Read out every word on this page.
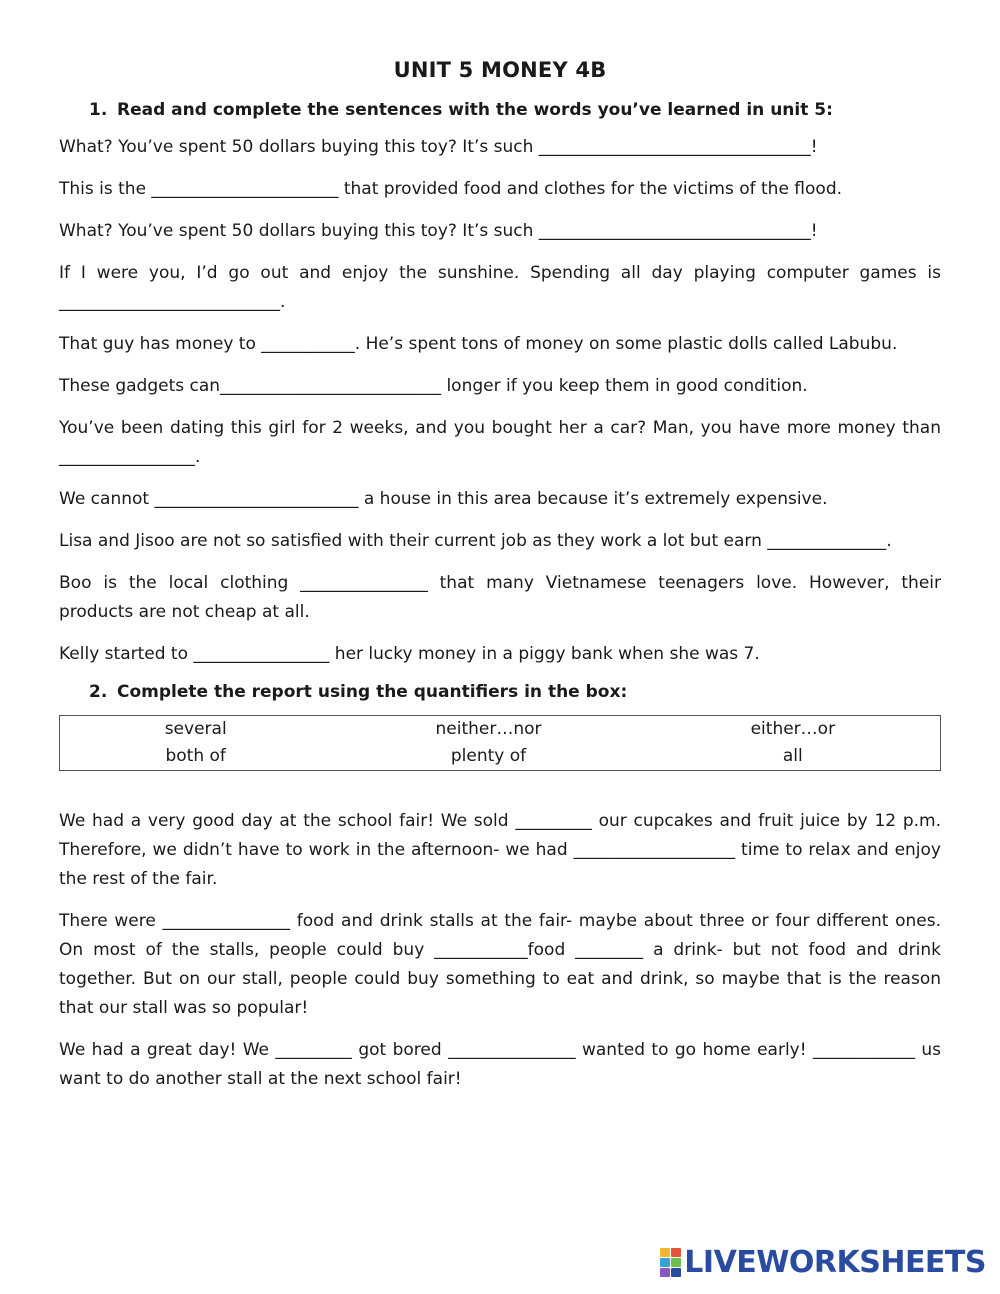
UNIT 5 MONEY 4B
1. Read and complete the sentences with the words you’ve learned in unit 5:

What? You’ve spent 50 dollars buying this toy? It’s such ________________________________!

This is the ______________________ that provided food and clothes for the victims of the flood.

What? You’ve spent 50 dollars buying this toy? It’s such ________________________________!

If I were you, I’d go out and enjoy the sunshine. Spending all day playing computer games is __________________________.

That guy has money to ___________. He’s spent tons of money on some plastic dolls called Labubu.

These gadgets can__________________________ longer if you keep them in good condition.

You’ve been dating this girl for 2 weeks, and you bought her a car? Man, you have more money than ________________.

We cannot ________________________ a house in this area because it’s extremely expensive.

Lisa and Jisoo are not so satisfied with their current job as they work a lot but earn ______________.

Boo is the local clothing _______________ that many Vietnamese teenagers love. However, their products are not cheap at all.

Kelly started to ________________ her lucky money in a piggy bank when she was 7.

2. Complete the report using the quantifiers in the box:
several	neither…nor	either…or
both of	plenty of	all

We had a very good day at the school fair! We sold _________ our cupcakes and fruit juice by 12 p.m. Therefore, we didn’t have to work in the afternoon- we had ___________________ time to relax and enjoy the rest of the fair.

There were _______________ food and drink stalls at the fair- maybe about three or four different ones. On most of the stalls, people could buy ___________food ________ a drink- but not food and drink together. But on our stall, people could buy something to eat and drink, so maybe that is the reason that our stall was so popular!

We had a great day! We _________ got bored _______________ wanted to go home early! ____________ us want to do another stall at the next school fair!

LIVEWORKSHEETS
